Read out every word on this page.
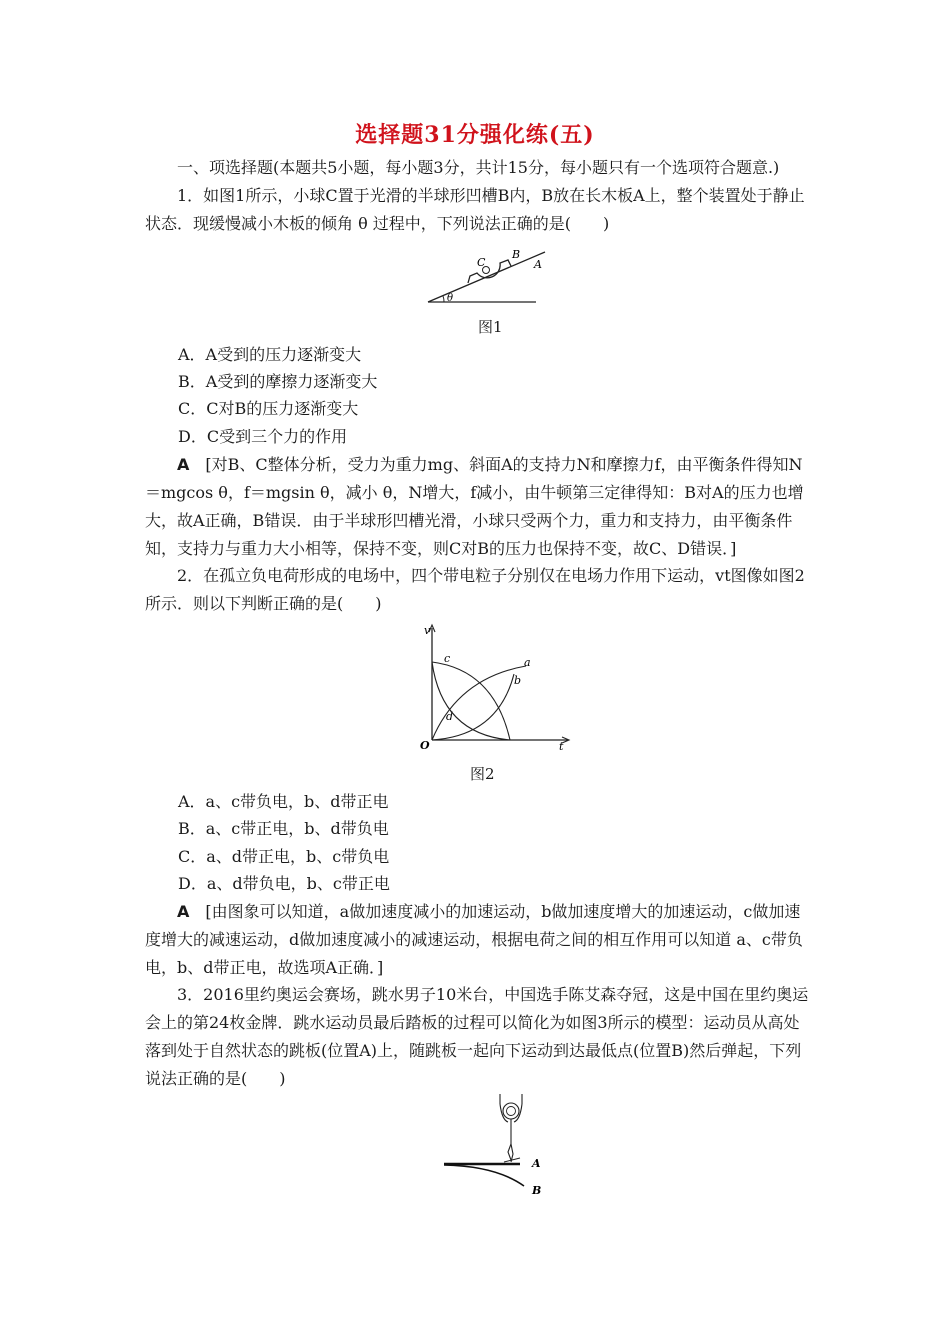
选择题31分强化练(五)
一、项选择题(本题共5小题，每小题3分，共计15分，每小题只有一个选项符合题意.)
1．如图1所示，小球C置于光滑的半球形凹槽B内，B放在长木板A上，整个装置处于静止状态．现缓慢减小木板的倾角 θ 过程中，下列说法正确的是(　　)
C
B
A
θ
图1
A．A受到的压力逐渐变大
B．A受到的摩擦力逐渐变大
C．C对B的压力逐渐变大
D．C受到三个力的作用
A　 [对B、C整体分析，受力为重力mg、斜面A的支持力N和摩擦力f，由平衡条件得知N＝mgcos θ，f＝mgsin θ，减小 θ，N增大，f减小，由牛顿第三定律得知：B对A的压力也增大，故A正确，B错误．由于半球形凹槽光滑，小球只受两个力，重力和支持力，由平衡条件知，支持力与重力大小相等，保持不变，则C对B的压力也保持不变，故C、D错误．]
2．在孤立负电荷形成的电场中，四个带电粒子分别仅在电场力作用下运动，vt图像如图2所示．则以下判断正确的是(　　)
v
t
O
a
b
c
d
图2
A．a、c带负电，b、d带正电
B．a、c带正电，b、d带负电
C．a、d带正电，b、c带负电
D．a、d带负电，b、c带正电
A　 [由图象可以知道，a做加速度减小的加速运动，b做加速度增大的加速运动，c做加速度增大的减速运动，d做加速度减小的减速运动，根据电荷之间的相互作用可以知道 a、c带负电，b、d带正电，故选项A正确．]
3．2016里约奥运会赛场，跳水男子10米台，中国选手陈艾森夺冠，这是中国在里约奥运会上的第24枚金牌．跳水运动员最后踏板的过程可以简化为如图3所示的模型：运动员从高处落到处于自然状态的跳板(位置A)上，随跳板一起向下运动到达最低点(位置B)然后弹起，下列说法正确的是(　　)
A
B
